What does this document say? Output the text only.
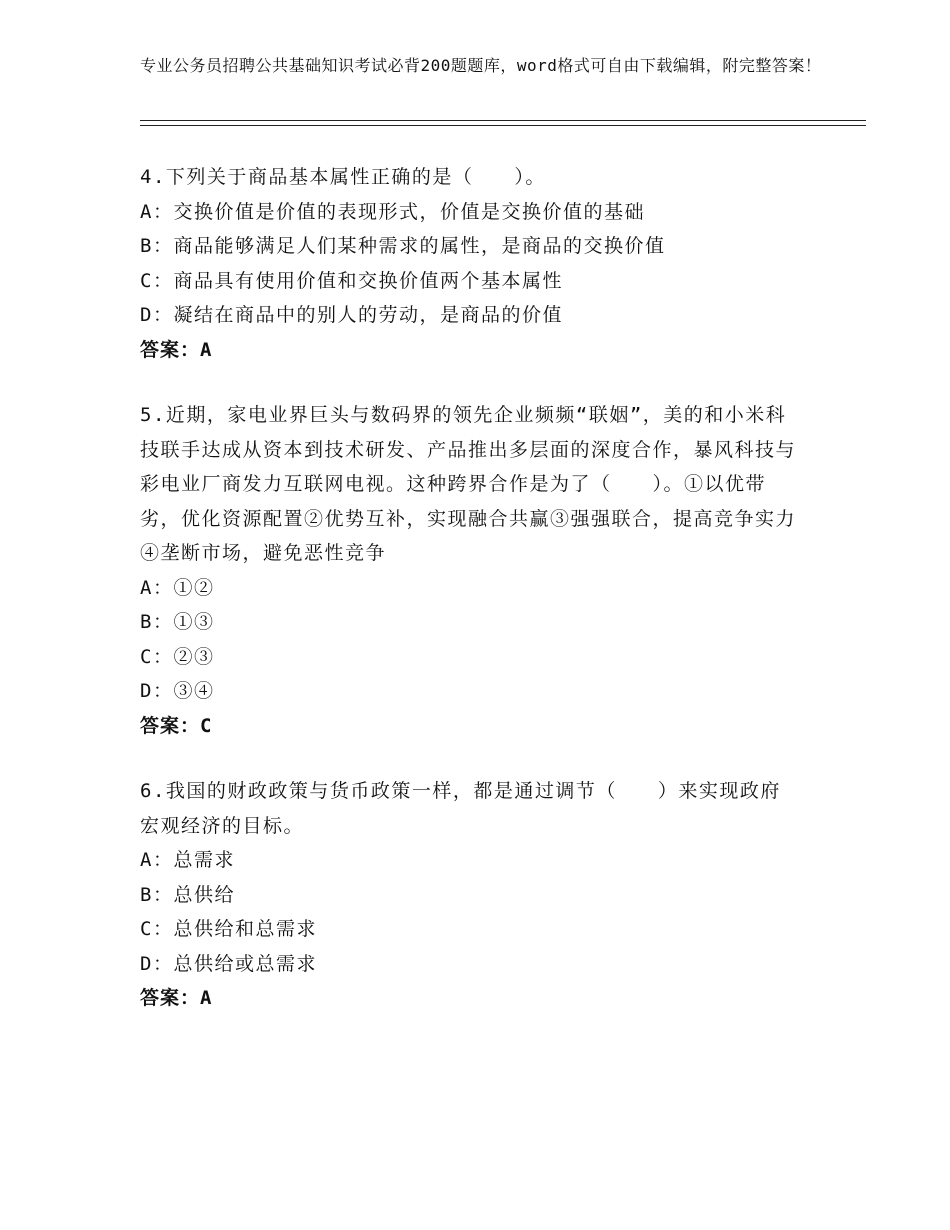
专业公务员招聘公共基础知识考试必背200题题库，word格式可自由下载编辑，附完整答案！

4.下列关于商品基本属性正确的是（　　）。

A：交换价值是价值的表现形式，价值是交换价值的基础

B：商品能够满足人们某种需求的属性，是商品的交换价值

C：商品具有使用价值和交换价值两个基本属性

D：凝结在商品中的别人的劳动，是商品的价值

答案：A

5.近期，家电业界巨头与数码界的领先企业频频“联姻”，美的和小米科技联手达成从资本到技术研发、产品推出多层面的深度合作，暴风科技与彩电业厂商发力互联网电视。这种跨界合作是为了（　　）。①以优带劣，优化资源配置②优势互补，实现融合共赢③强强联合，提高竞争实力④垄断市场，避免恶性竞争

A：①②

B：①③

C：②③

D：③④

答案：C

6.我国的财政政策与货币政策一样，都是通过调节（　　）来实现政府宏观经济的目标。

A：总需求

B：总供给

C：总供给和总需求

D：总供给或总需求

答案：A
